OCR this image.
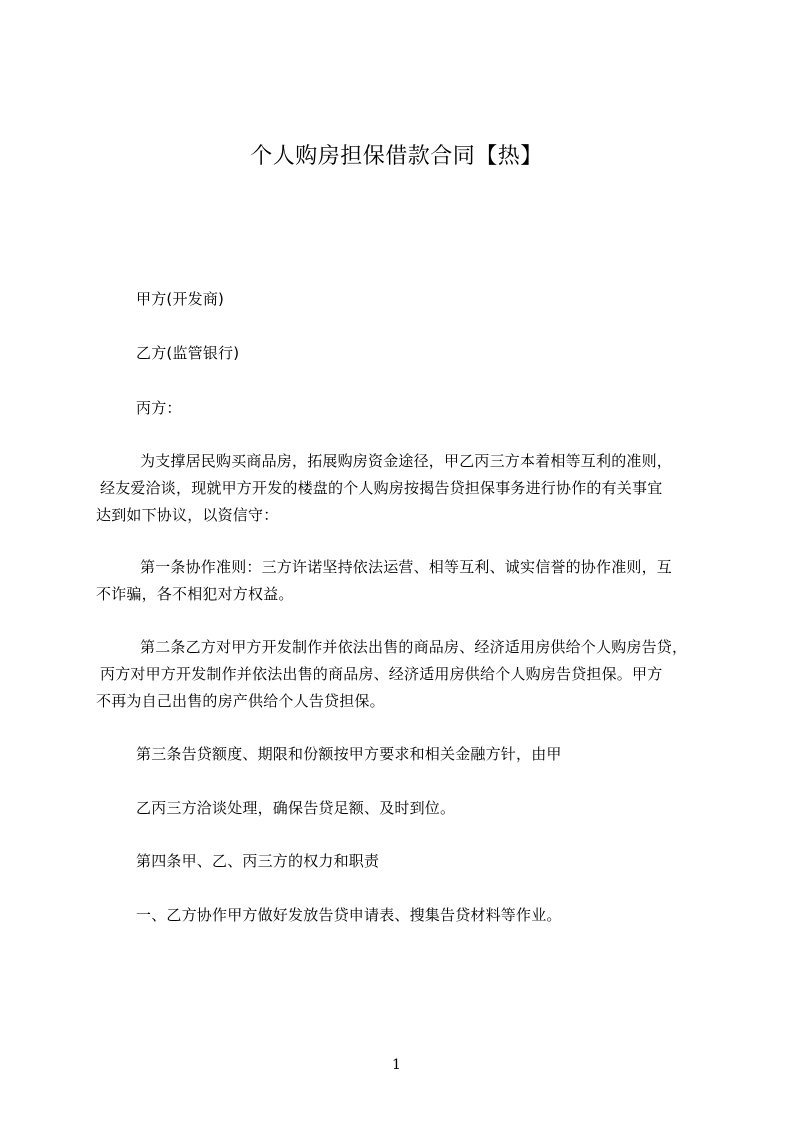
个人购房担保借款合同【热】
甲方(开发商)
乙方(监管银行)
丙方：
为支撑居民购买商品房，拓展购房资金途径，甲乙丙三方本着相等互利的准则，
经友爱洽谈，现就甲方开发的楼盘的个人购房按揭告贷担保事务进行协作的有关事宜
达到如下协议，以资信守：
第一条协作准则：三方许诺坚持依法运营、相等互利、诚实信誉的协作准则，互
不诈骗，各不相犯对方权益。
第二条乙方对甲方开发制作并依法出售的商品房、经济适用房供给个人购房告贷，
丙方对甲方开发制作并依法出售的商品房、经济适用房供给个人购房告贷担保。甲方
不再为自己出售的房产供给个人告贷担保。
第三条告贷额度、期限和份额按甲方要求和相关金融方针，由甲
乙丙三方洽谈处理，确保告贷足额、及时到位。
第四条甲、乙、丙三方的权力和职责
一、乙方协作甲方做好发放告贷申请表、搜集告贷材料等作业。
1
